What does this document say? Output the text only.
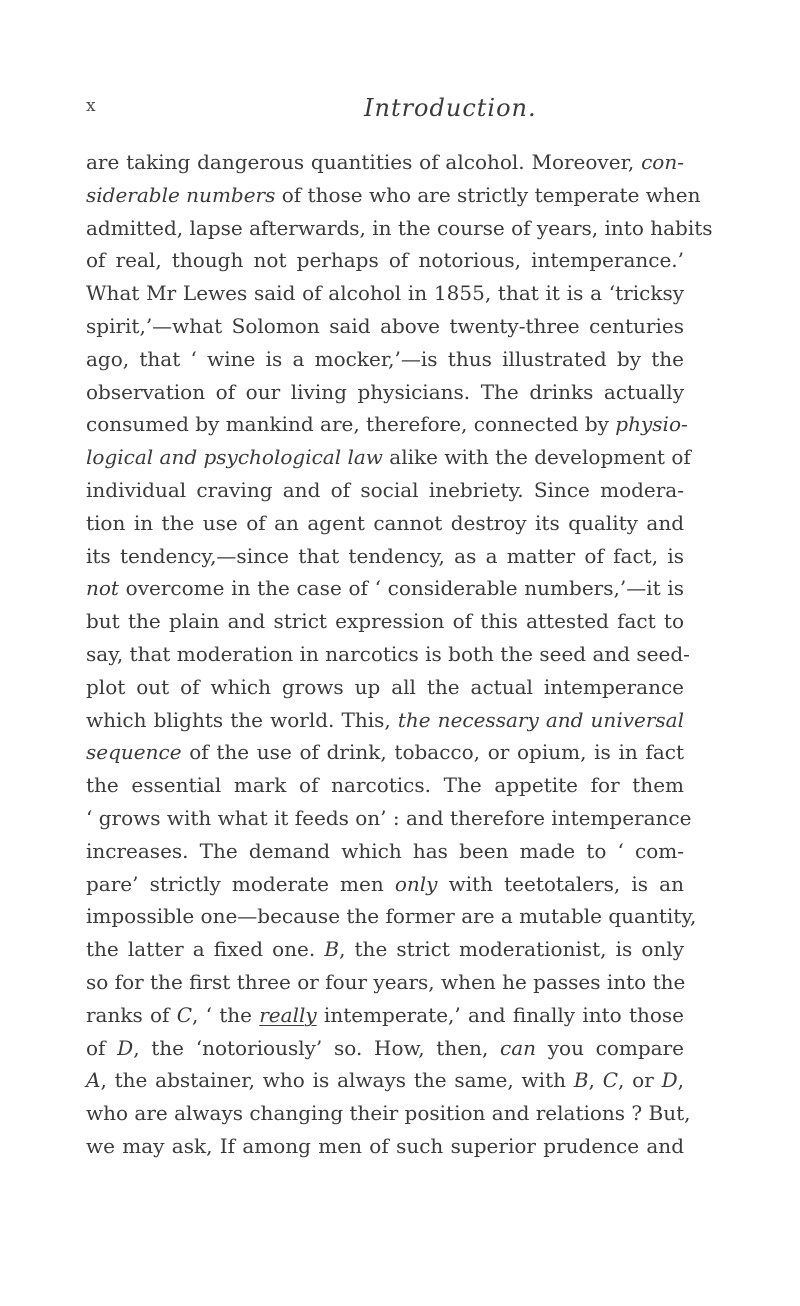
x	Introduction.
are taking dangerous quantities of alcohol. Moreover, con-
siderable numbers of those who are strictly temperate when
admitted, lapse afterwards, in the course of years, into habits
of real, though not perhaps of notorious, intemperance.’
What Mr Lewes said of alcohol in 1855, that it is a ‘tricksy
spirit,’—what Solomon said above twenty-three centuries
ago, that ‘ wine is a mocker,’—is thus illustrated by the
observation of our living physicians. The drinks actually
consumed by mankind are, therefore, connected by physio-
logical and psychological law alike with the development of
individual craving and of social inebriety. Since modera-
tion in the use of an agent cannot destroy its quality and
its tendency,—since that tendency, as a matter of fact, is
not overcome in the case of ‘ considerable numbers,’—it is
but the plain and strict expression of this attested fact to
say, that moderation in narcotics is both the seed and seed-
plot out of which grows up all the actual intemperance
which blights the world. This, the necessary and universal
sequence of the use of drink, tobacco, or opium, is in fact
the essential mark of narcotics. The appetite for them
‘ grows with what it feeds on’ : and therefore intemperance
increases. The demand which has been made to ‘ com-
pare’ strictly moderate men only with teetotalers, is an
impossible one—because the former are a mutable quantity,
the latter a fixed one. B, the strict moderationist, is only
so for the first three or four years, when he passes into the
ranks of C, ‘ the really intemperate,’ and finally into those
of D, the ‘notoriously’ so. How, then, can you compare
A, the abstainer, who is always the same, with B, C, or D,
who are always changing their position and relations ? But,
we may ask, If among men of such superior prudence and
